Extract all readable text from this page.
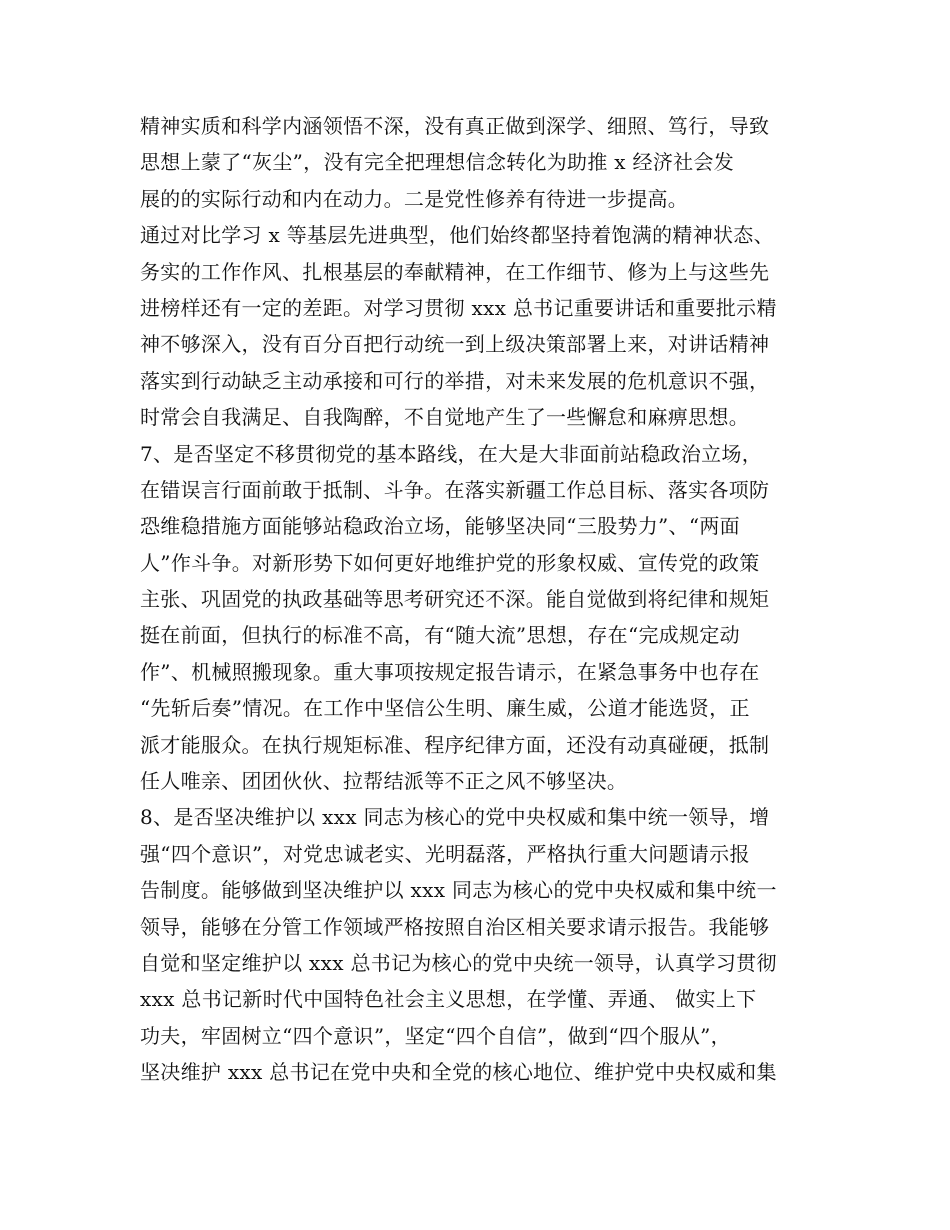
精神实质和科学内涵领悟不深，没有真正做到深学、细照、笃行，导致
思想上蒙了“灰尘”，没有完全把理想信念转化为助推 x 经济社会发
展的的实际行动和内在动力。二是党性修养有待进一步提高。
通过对比学习 x 等基层先进典型，他们始终都坚持着饱满的精神状态、
务实的工作作风、扎根基层的奉献精神，在工作细节、修为上与这些先
进榜样还有一定的差距。对学习贯彻 xxx 总书记重要讲话和重要批示精
神不够深入，没有百分百把行动统一到上级决策部署上来，对讲话精神
落实到行动缺乏主动承接和可行的举措，对未来发展的危机意识不强，
时常会自我满足、自我陶醉，不自觉地产生了一些懈怠和麻痹思想。
7、是否坚定不移贯彻党的基本路线，在大是大非面前站稳政治立场，
在错误言行面前敢于抵制、斗争。在落实新疆工作总目标、落实各项防
恐维稳措施方面能够站稳政治立场，能够坚决同“三股势力”、“两面
人”作斗争。对新形势下如何更好地维护党的形象权威、宣传党的政策
主张、巩固党的执政基础等思考研究还不深。能自觉做到将纪律和规矩
挺在前面，但执行的标准不高，有“随大流”思想，存在“完成规定动
作”、机械照搬现象。重大事项按规定报告请示，在紧急事务中也存在
“先斩后奏”情况。在工作中坚信公生明、廉生威，公道才能选贤，正
派才能服众。在执行规矩标准、程序纪律方面，还没有动真碰硬，抵制
任人唯亲、团团伙伙、拉帮结派等不正之风不够坚决。
8、是否坚决维护以 xxx 同志为核心的党中央权威和集中统一领导，增
强“四个意识”，对党忠诚老实、光明磊落，严格执行重大问题请示报
告制度。能够做到坚决维护以 xxx 同志为核心的党中央权威和集中统一
领导，能够在分管工作领域严格按照自治区相关要求请示报告。我能够
自觉和坚定维护以 xxx 总书记为核心的党中央统一领导，认真学习贯彻
xxx 总书记新时代中国特色社会主义思想，在学懂、弄通、 做实上下
功夫，牢固树立“四个意识”，坚定“四个自信”，做到“四个服从”，
坚决维护 xxx 总书记在党中央和全党的核心地位、维护党中央权威和集
